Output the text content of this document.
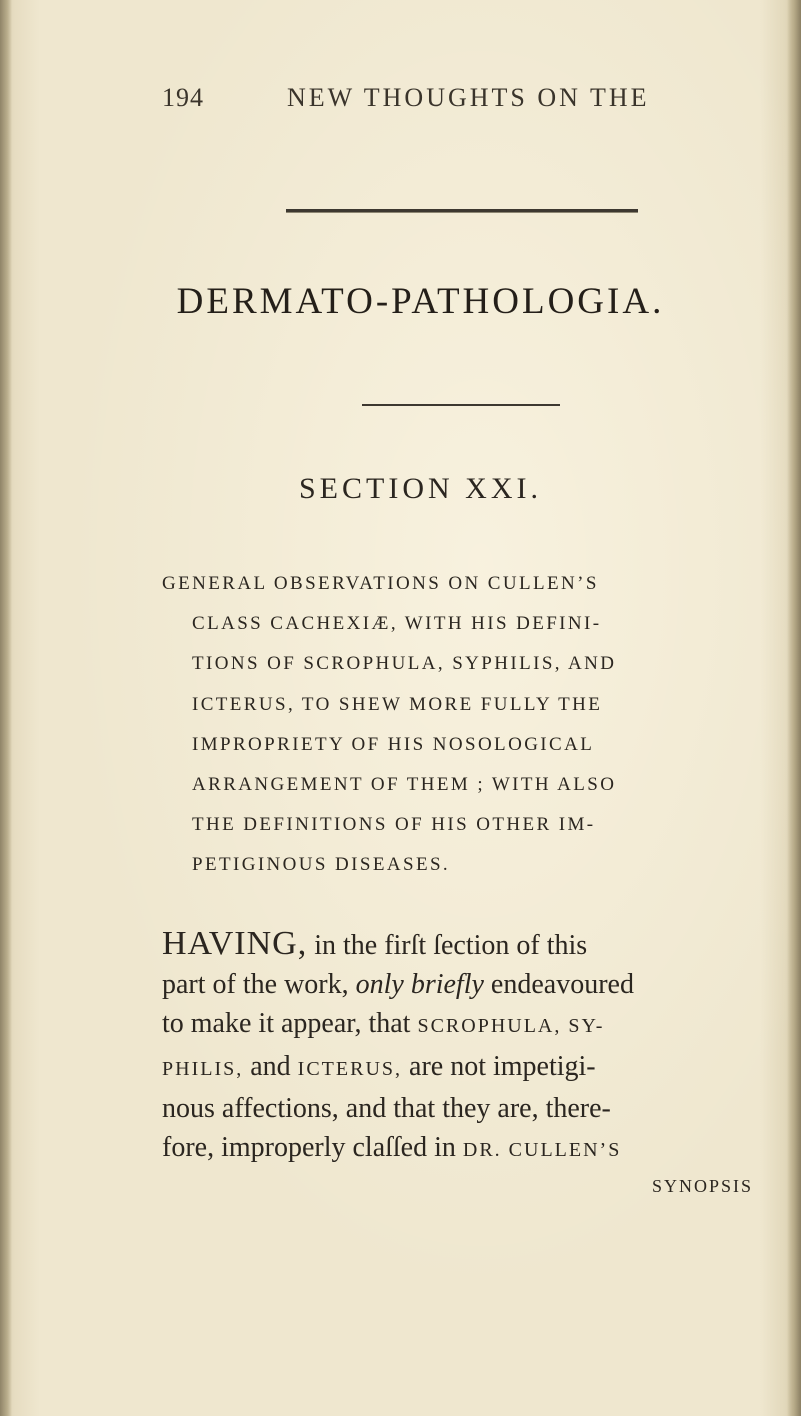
194	NEW THOUGHTS ON THE
DERMATO-PATHOLOGIA.
SECTION XXI.
GENERAL OBSERVATIONS ON CULLEN’S
CLASS CACHEXIÆ, WITH HIS DEFINI-
TIONS OF SCROPHULA, SYPHILIS, AND
ICTERUS, TO SHEW MORE FULLY THE
IMPROPRIETY OF HIS NOSOLOGICAL
ARRANGEMENT OF THEM ; WITH ALSO
THE DEFINITIONS OF HIS OTHER IM-
PETIGINOUS DISEASES.
HAVING, in the firſt ſection of this
part of the work, only briefly endeavoured
to make it appear, that SCROPHULA, SY-
PHILIS, and ICTERUS, are not impetigi-
nous affections, and that they are, there-
fore, improperly claſſed in DR. CULLEN’S
SYNOPSIS
